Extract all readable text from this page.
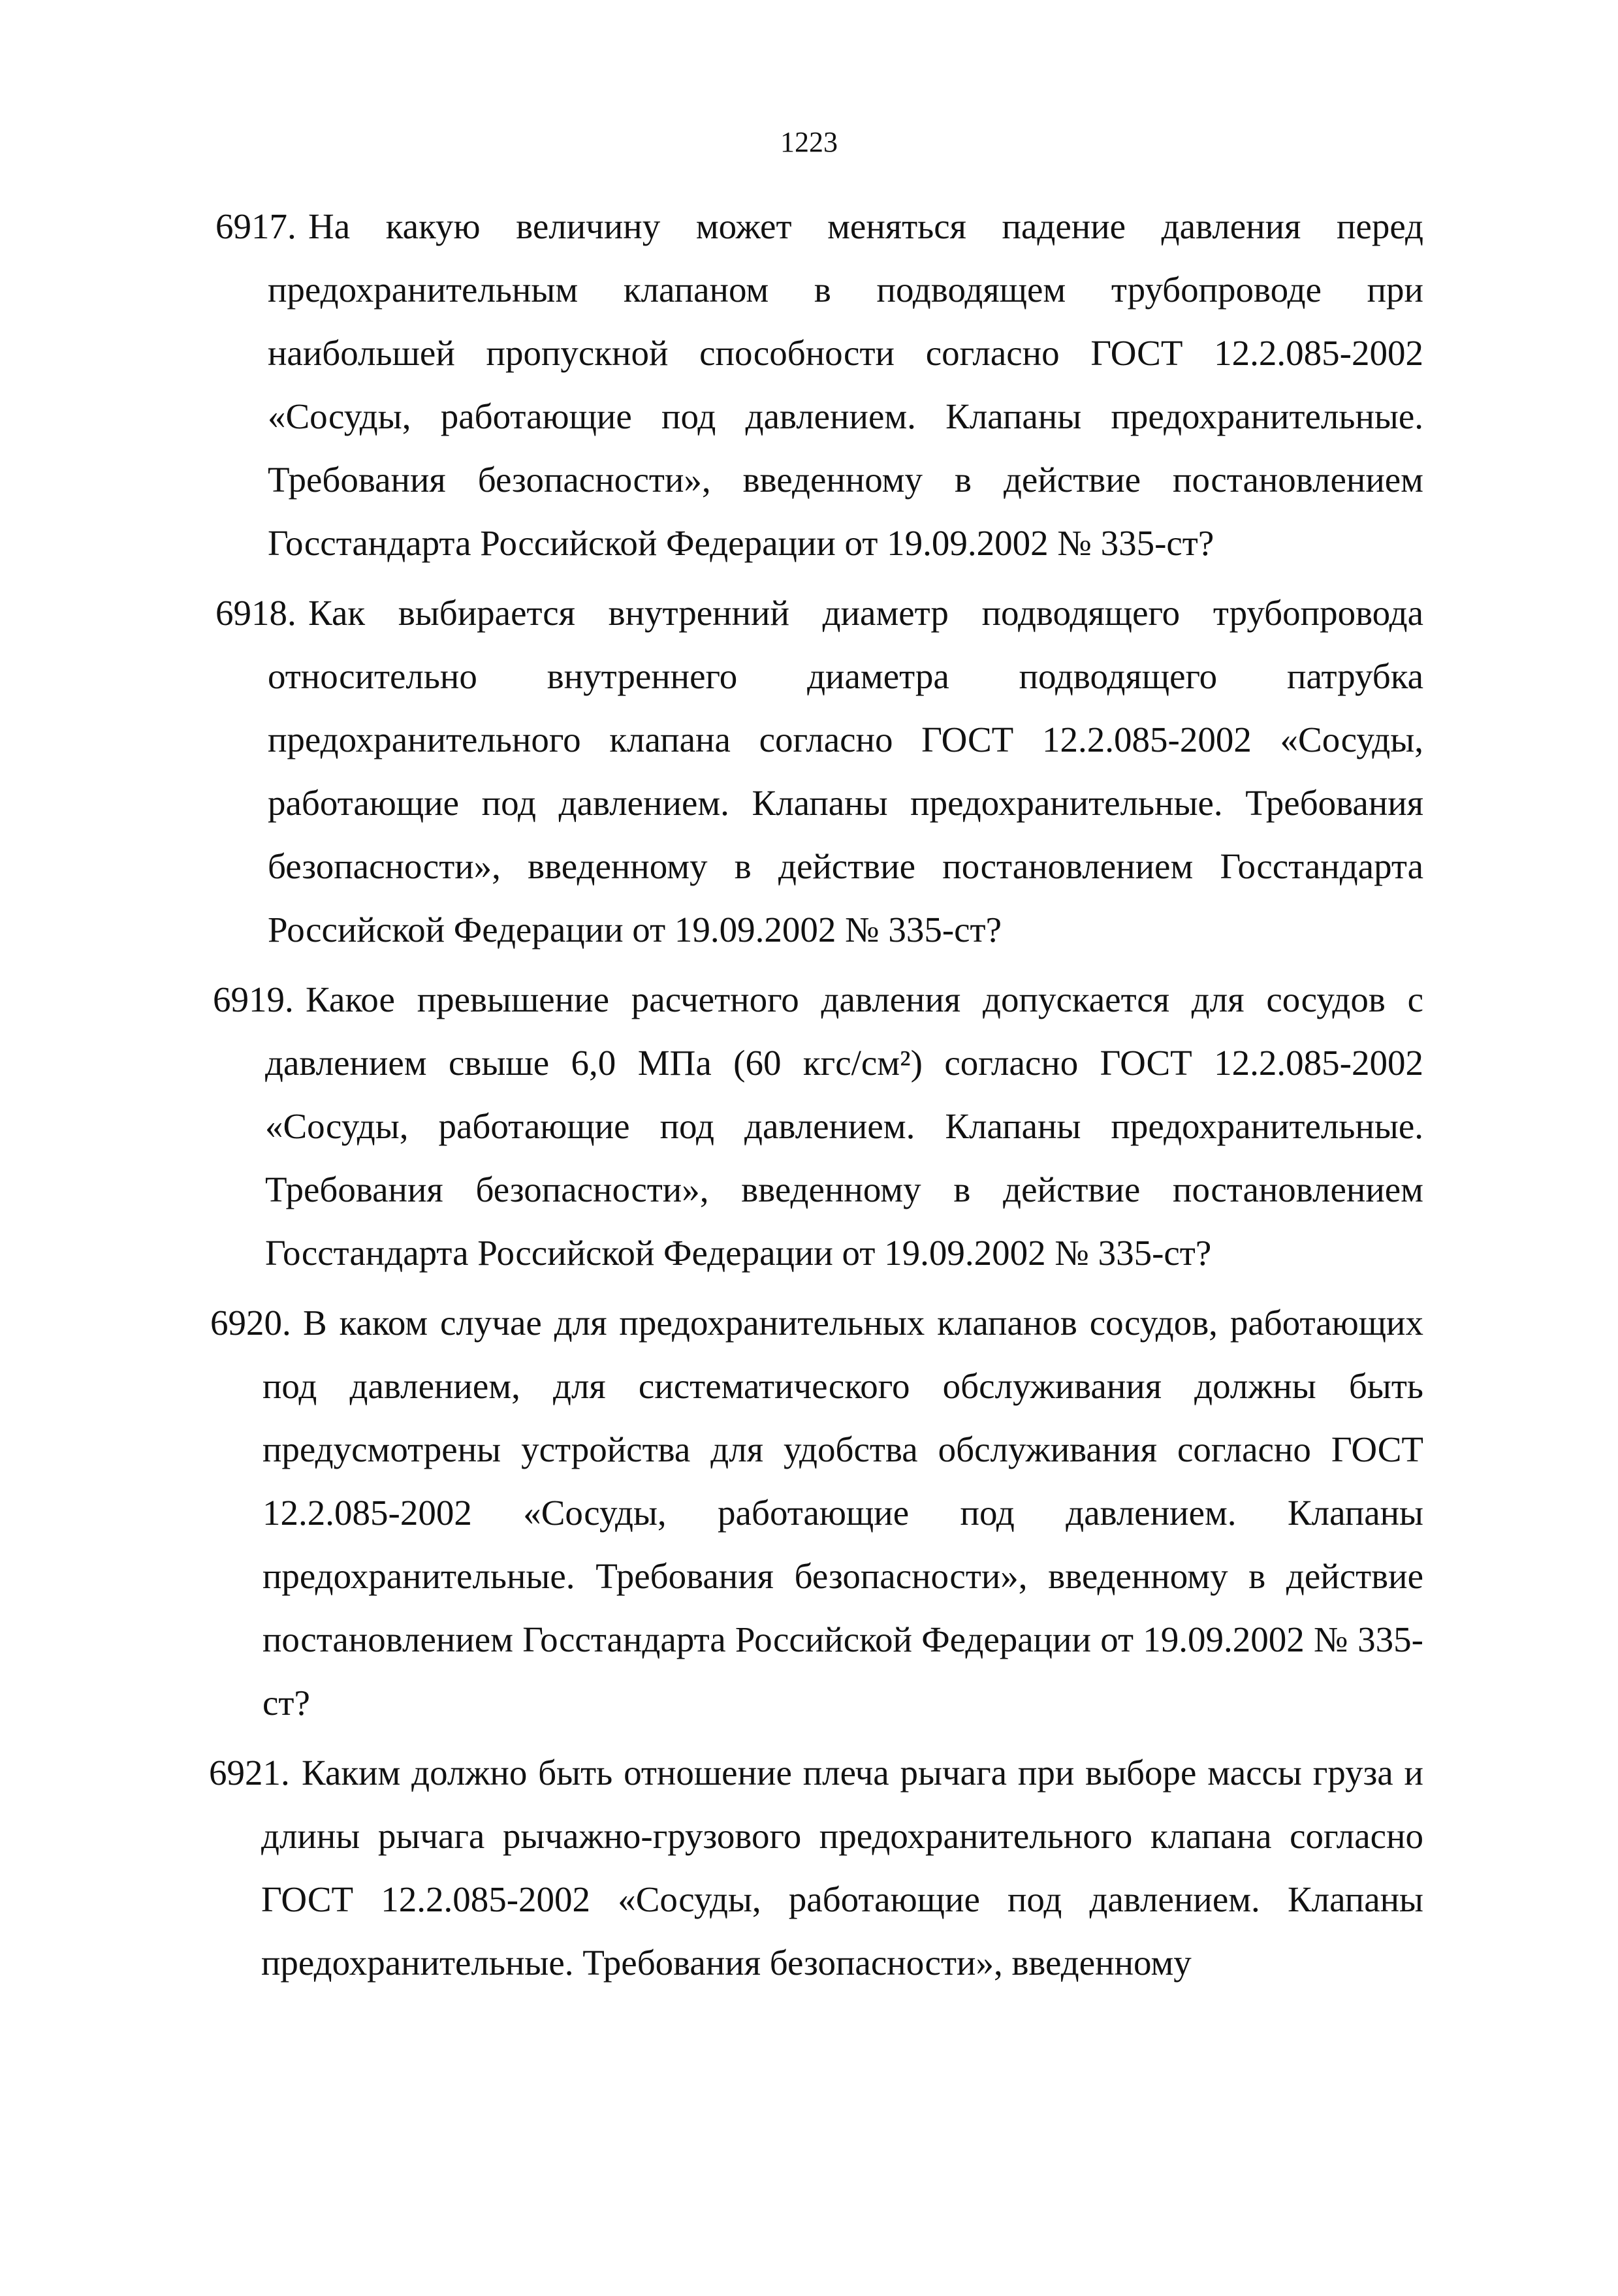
1223
6917. На какую величину может меняться падение давления перед предохранительным клапаном в подводящем трубопроводе при наибольшей пропускной способности согласно ГОСТ 12.2.085-2002 «Сосуды, работающие под давлением. Клапаны предохранительные. Требования безопасности», введенному в действие постановлением Госстандарта Российской Федерации от 19.09.2002 № 335-ст?
6918. Как выбирается внутренний диаметр подводящего трубопровода относительно внутреннего диаметра подводящего патрубка предохранительного клапана согласно ГОСТ 12.2.085-2002 «Сосуды, работающие под давлением. Клапаны предохранительные. Требования безопасности», введенному в действие постановлением Госстандарта Российской Федерации от 19.09.2002 № 335-ст?
6919. Какое превышение расчетного давления допускается для сосудов с давлением свыше 6,0 МПа (60 кгс/см²) согласно ГОСТ 12.2.085-2002 «Сосуды, работающие под давлением. Клапаны предохранительные. Требования безопасности», введенному в действие постановлением Госстандарта Российской Федерации от 19.09.2002 № 335-ст?
6920. В каком случае для предохранительных клапанов сосудов, работающих под давлением, для систематического обслуживания должны быть предусмотрены устройства для удобства обслуживания согласно ГОСТ 12.2.085-2002 «Сосуды, работающие под давлением. Клапаны предохранительные. Требования безопасности», введенному в действие постановлением Госстандарта Российской Федерации от 19.09.2002 № 335-ст?
6921. Каким должно быть отношение плеча рычага при выборе массы груза и длины рычага рычажно-грузового предохранительного клапана согласно ГОСТ 12.2.085-2002 «Сосуды, работающие под давлением. Клапаны предохранительные. Требования безопасности», введенному
